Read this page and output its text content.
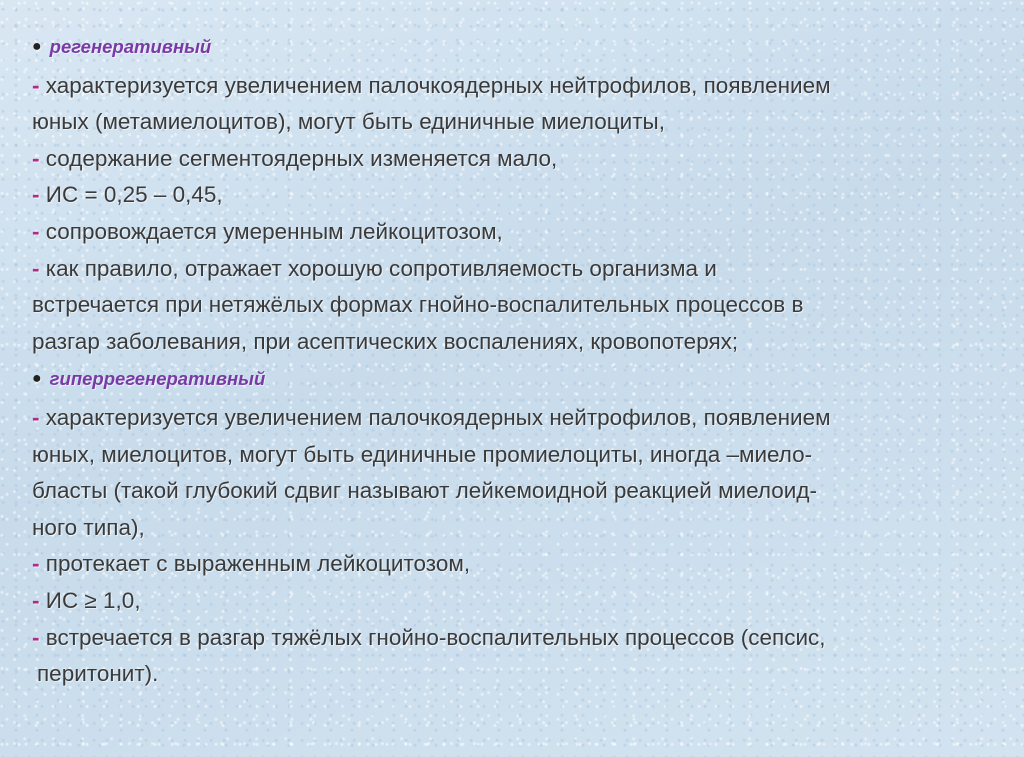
● регенеративный
- характеризуется увеличением палочкоядерных нейтрофилов, появлением
юных (метамиелоцитов), могут быть единичные миелоциты,
- содержание сегментоядерных изменяется мало,
- ИС = 0,25 – 0,45,
- сопровождается умеренным лейкоцитозом,
- как правило, отражает хорошую сопротивляемость организма и
встречается при нетяжёлых формах гнойно-воспалительных процессов в
разгар заболевания, при асептических воспалениях, кровопотерях;
● гиперрегенеративный
- характеризуется увеличением палочкоядерных нейтрофилов, появлением
юных, миелоцитов, могут быть единичные промиелоциты, иногда –миело-
бласты (такой глубокий сдвиг называют лейкемоидной реакцией миелоид-
ного типа),
- протекает с выраженным лейкоцитозом,
- ИС ≥ 1,0,
- встречается в разгар тяжёлых гнойно-воспалительных процессов (сепсис,
перитонит).
